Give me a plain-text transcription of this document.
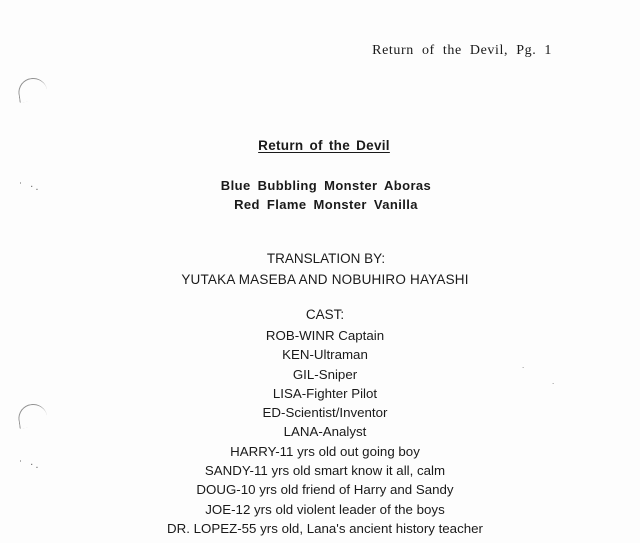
˙ ·.
˙ ·.
·
·
Return of the Devil, Pg. 1
Return of the Devil
Blue Bubbling Monster Aboras
Red Flame Monster Vanilla
TRANSLATION BY:
YUTAKA MASEBA AND NOBUHIRO HAYASHI
CAST:
ROB-WINR Captain
KEN-Ultraman
GIL-Sniper
LISA-Fighter Pilot
ED-Scientist/Inventor
LANA-Analyst
HARRY-11 yrs old out going boy
SANDY-11 yrs old smart know it all, calm
DOUG-10 yrs old friend of Harry and Sandy
JOE-12 yrs old violent leader of the boys
DR. LOPEZ-55 yrs old, Lana's ancient history teacher
